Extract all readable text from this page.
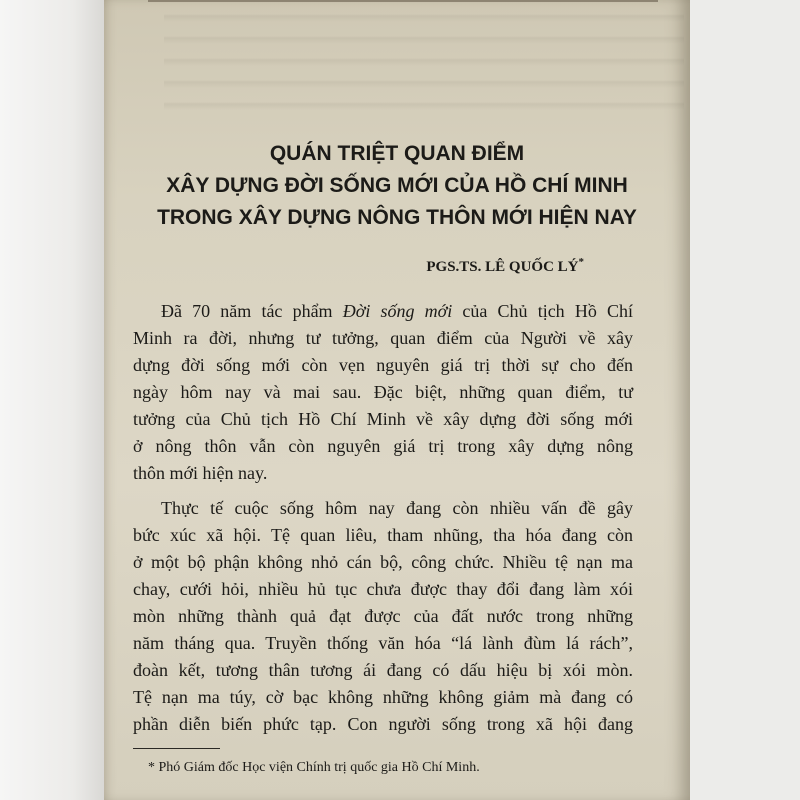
QUÁN TRIỆT QUAN ĐIỂM
XÂY DỰNG ĐỜI SỐNG MỚI CỦA HỒ CHÍ MINH
TRONG XÂY DỰNG NÔNG THÔN MỚI HIỆN NAY
PGS.TS. LÊ QUỐC LÝ*
Đã 70 năm tác phẩm Đời sống mới của Chủ tịch Hồ Chí
Minh ra đời, nhưng tư tưởng, quan điểm của Người về xây
dựng đời sống mới còn vẹn nguyên giá trị thời sự cho đến
ngày hôm nay và mai sau. Đặc biệt, những quan điểm, tư
tưởng của Chủ tịch Hồ Chí Minh về xây dựng đời sống mới
ở nông thôn vẫn còn nguyên giá trị trong xây dựng nông
thôn mới hiện nay.
Thực tế cuộc sống hôm nay đang còn nhiều vấn đề gây
bức xúc xã hội. Tệ quan liêu, tham nhũng, tha hóa đang còn
ở một bộ phận không nhỏ cán bộ, công chức. Nhiều tệ nạn ma
chay, cưới hỏi, nhiều hủ tục chưa được thay đổi đang làm xói
mòn những thành quả đạt được của đất nước trong những
năm tháng qua. Truyền thống văn hóa “lá lành đùm lá rách”,
đoàn kết, tương thân tương ái đang có dấu hiệu bị xói mòn.
Tệ nạn ma túy, cờ bạc không những không giảm mà đang có
phần diễn biến phức tạp. Con người sống trong xã hội đang
* Phó Giám đốc Học viện Chính trị quốc gia Hồ Chí Minh.
